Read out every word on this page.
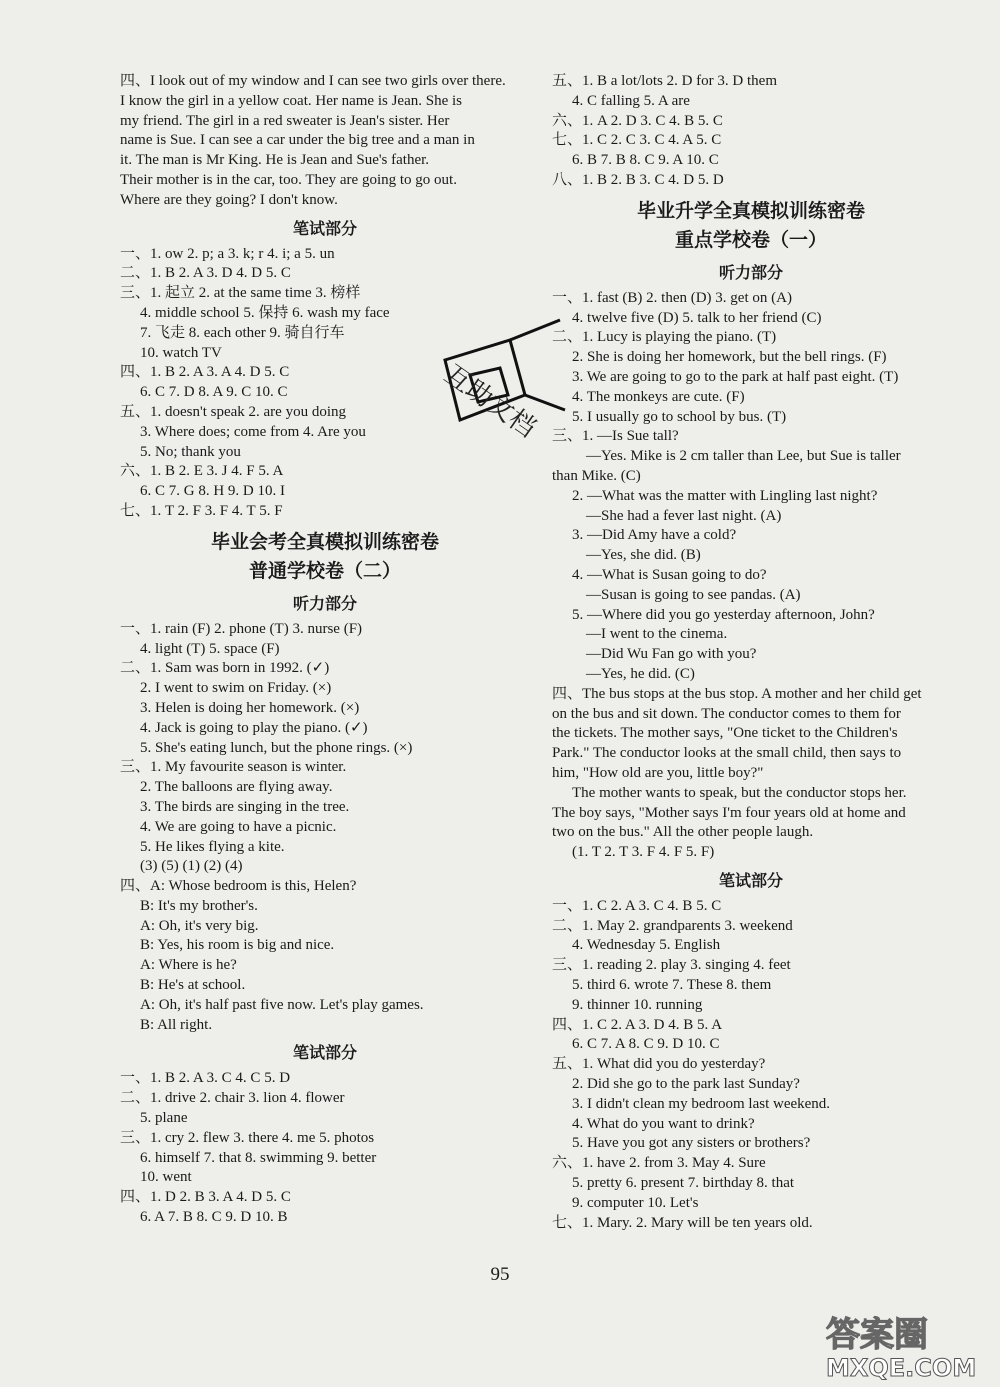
四、I look out of my window and I can see two girls over there.
I know the girl in a yellow coat. Her name is Jean. She is
my friend. The girl in a red sweater is Jean's sister. Her
name is Sue. I can see a car under the big tree and a man in
it. The man is Mr King. He is Jean and Sue's father.
Their mother is in the car, too. They are going to go out.
Where are they going? I don't know.
笔试部分
一、1. ow 2. p; a 3. k; r 4. i; a 5. un
二、1. B 2. A 3. D 4. D 5. C
三、1. 起立 2. at the same time 3. 榜样
4. middle school 5. 保持 6. wash my face
7. 飞走 8. each other 9. 骑自行车
10. watch TV
四、1. B 2. A 3. A 4. D 5. C
6. C 7. D 8. A 9. C 10. C
五、1. doesn't speak 2. are you doing
3. Where does; come from 4. Are you
5. No; thank you
六、1. B 2. E 3. J 4. F 5. A
6. C 7. G 8. H 9. D 10. I
七、1. T 2. F 3. F 4. T 5. F
毕业会考全真模拟训练密卷
普通学校卷（二）
听力部分
一、1. rain (F) 2. phone (T) 3. nurse (F)
4. light (T) 5. space (F)
二、1. Sam was born in 1992. (✓)
2. I went to swim on Friday. (×)
3. Helen is doing her homework. (×)
4. Jack is going to play the piano. (✓)
5. She's eating lunch, but the phone rings. (×)
三、1. My favourite season is winter.
2. The balloons are flying away.
3. The birds are singing in the tree.
4. We are going to have a picnic.
5. He likes flying a kite.
(3) (5) (1) (2) (4)
四、A: Whose bedroom is this, Helen?
B: It's my brother's.
A: Oh, it's very big.
B: Yes, his room is big and nice.
A: Where is he?
B: He's at school.
A: Oh, it's half past five now. Let's play games.
B: All right.
笔试部分
一、1. B 2. A 3. C 4. C 5. D
二、1. drive 2. chair 3. lion 4. flower
5. plane
三、1. cry 2. flew 3. there 4. me 5. photos
6. himself 7. that 8. swimming 9. better
10. went
四、1. D 2. B 3. A 4. D 5. C
6. A 7. B 8. C 9. D 10. B
五、1. B a lot/lots 2. D for 3. D them
4. C falling 5. A are
六、1. A 2. D 3. C 4. B 5. C
七、1. C 2. C 3. C 4. A 5. C
6. B 7. B 8. C 9. A 10. C
八、1. B 2. B 3. C 4. D 5. D
毕业升学全真模拟训练密卷
重点学校卷（一）
听力部分
一、1. fast (B) 2. then (D) 3. get on (A)
4. twelve five (D) 5. talk to her friend (C)
二、1. Lucy is playing the piano. (T)
2. She is doing her homework, but the bell rings. (F)
3. We are going to go to the park at half past eight. (T)
4. The monkeys are cute. (F)
5. I usually go to school by bus. (T)
三、1. —Is Sue tall?
—Yes. Mike is 2 cm taller than Lee, but Sue is taller
than Mike. (C)
2. —What was the matter with Lingling last night?
—She had a fever last night. (A)
3. —Did Amy have a cold?
—Yes, she did. (B)
4. —What is Susan going to do?
—Susan is going to see pandas. (A)
5. —Where did you go yesterday afternoon, John?
—I went to the cinema.
—Did Wu Fan go with you?
—Yes, he did. (C)
四、The bus stops at the bus stop. A mother and her child get
on the bus and sit down. The conductor comes to them for
the tickets. The mother says, "One ticket to the Children's
Park." The conductor looks at the small child, then says to
him, "How old are you, little boy?"
The mother wants to speak, but the conductor stops her.
The boy says, "Mother says I'm four years old at home and
two on the bus." All the other people laugh.
(1. T 2. T 3. F 4. F 5. F)
笔试部分
一、1. C 2. A 3. C 4. B 5. C
二、1. May 2. grandparents 3. weekend
4. Wednesday 5. English
三、1. reading 2. play 3. singing 4. feet
5. third 6. wrote 7. These 8. them
9. thinner 10. running
四、1. C 2. A 3. D 4. B 5. A
6. C 7. A 8. C 9. D 10. C
五、1. What did you do yesterday?
2. Did she go to the park last Sunday?
3. I didn't clean my bedroom last weekend.
4. What do you want to drink?
5. Have you got any sisters or brothers?
六、1. have 2. from 3. May 4. Sure
5. pretty 6. present 7. birthday 8. that
9. computer 10. Let's
七、1. Mary. 2. Mary will be ten years old.
95
互助文档
答案圈
MXQE.COM
